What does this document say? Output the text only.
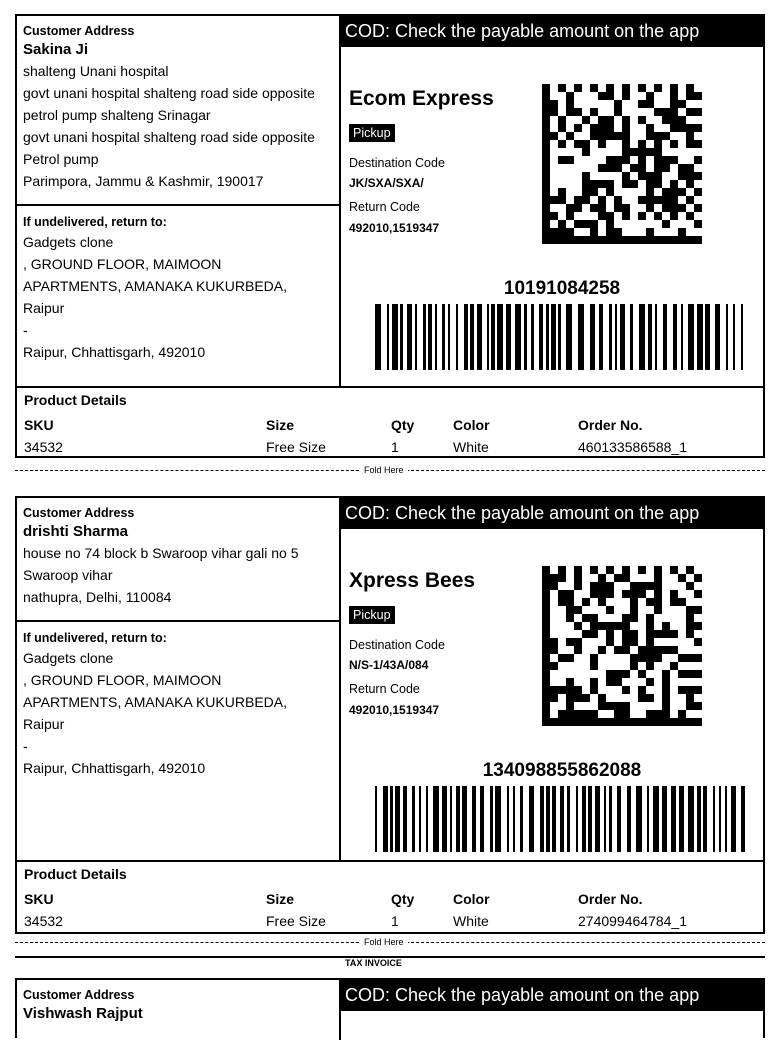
COD: Check the payable amount on the app
Customer Address
Sakina Ji
shalteng Unani hospital
govt unani hospital shalteng road side opposite
petrol pump shalteng Srinagar
govt unani hospital shalteng road side opposite
Petrol pump
Parimpora, Jammu & Kashmir, 190017
If undelivered, return to:
Gadgets clone
, GROUND FLOOR, MAIMOON
APARTMENTS, AMANAKA KUKURBEDA,
Raipur
-
Raipur, Chhattisgarh, 492010
Ecom Express
Pickup
Destination Code
JK/SXA/SXA/
Return Code
492010,1519347
10191084258
Product Details
SKU	Size	Qty	Color	Order No.
34532	Free Size	1	White	460133586588_1
Fold Here
COD: Check the payable amount on the app
Customer Address
drishti Sharma
house no 74 block b Swaroop vihar gali no 5
Swaroop vihar
nathupra, Delhi, 110084
If undelivered, return to:
Gadgets clone
, GROUND FLOOR, MAIMOON
APARTMENTS, AMANAKA KUKURBEDA,
Raipur
-
Raipur, Chhattisgarh, 492010
Xpress Bees
Pickup
Destination Code
N/S-1/43A/084
Return Code
492010,1519347
134098855862088
Product Details
SKU	Size	Qty	Color	Order No.
34532	Free Size	1	White	274099464784_1
Fold Here
TAX INVOICE
COD: Check the payable amount on the app
Customer Address
Vishwash Rajput
